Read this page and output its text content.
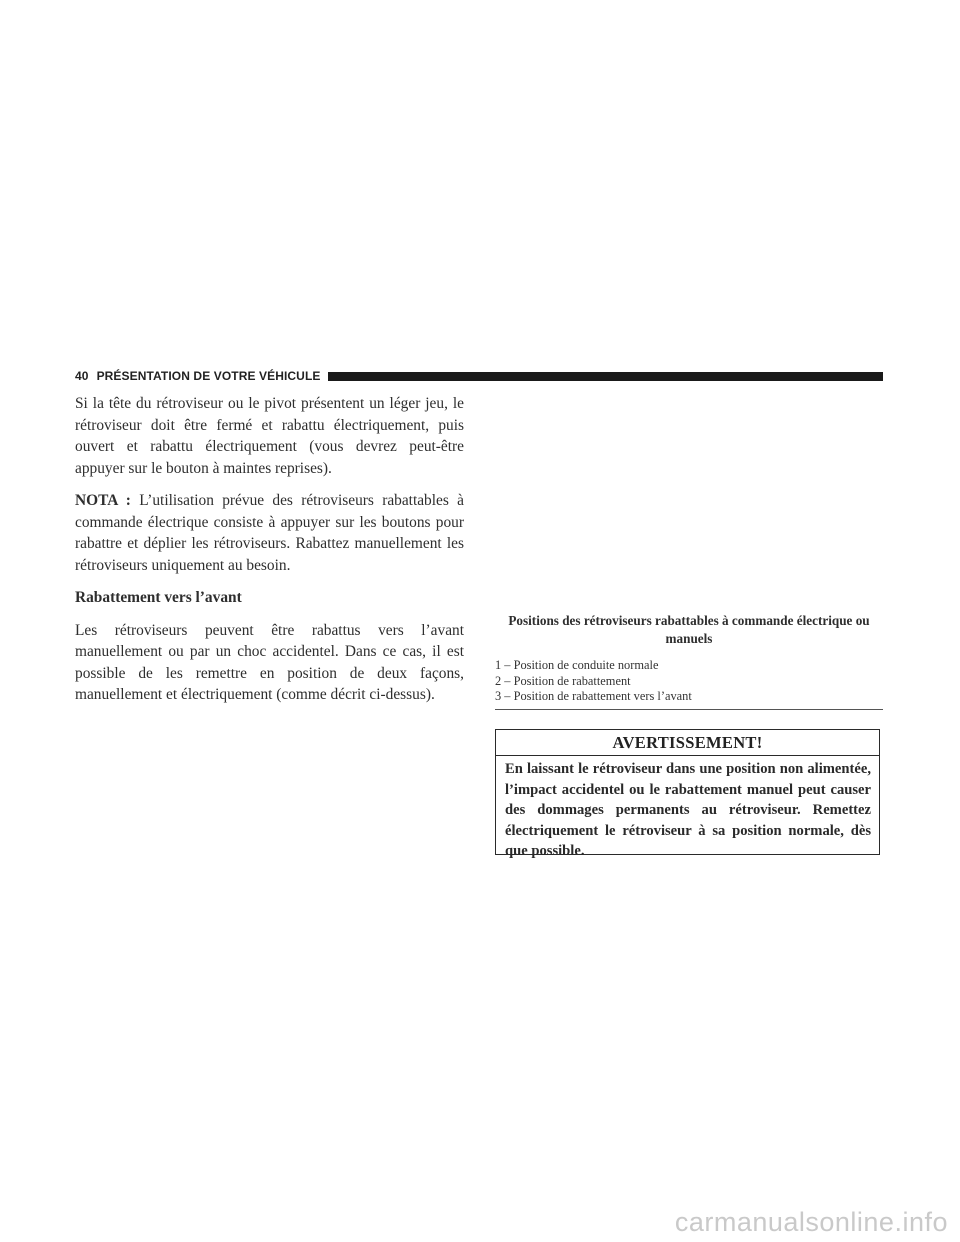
40 PRÉSENTATION DE VOTRE VÉHICULE

Si la tête du rétroviseur ou le pivot présentent un léger jeu, le rétroviseur doit être fermé et rabattu électriquement, puis ouvert et rabattu électriquement (vous devrez peut-être appuyer sur le bouton à maintes reprises).

NOTA : L’utilisation prévue des rétroviseurs rabattables à commande électrique consiste à appuyer sur les boutons pour rabattre et déplier les rétroviseurs. Rabattez manuellement les rétroviseurs uniquement au besoin.

Rabattement vers l’avant

Les rétroviseurs peuvent être rabattus vers l’avant manuellement ou par un choc accidentel. Dans ce cas, il est possible de les remettre en position de deux façons, manuellement et électriquement (comme décrit ci-dessus).

Positions des rétroviseurs rabattables à commande électrique ou manuels
1 – Position de conduite normale
2 – Position de rabattement
3 – Position de rabattement vers l’avant
AVERTISSEMENT!
En laissant le rétroviseur dans une position non alimentée, l’impact accidentel ou le rabattement manuel peut causer des dommages permanents au rétroviseur. Remettez électriquement le rétroviseur à sa position normale, dès que possible.
carmanualsonline.info
